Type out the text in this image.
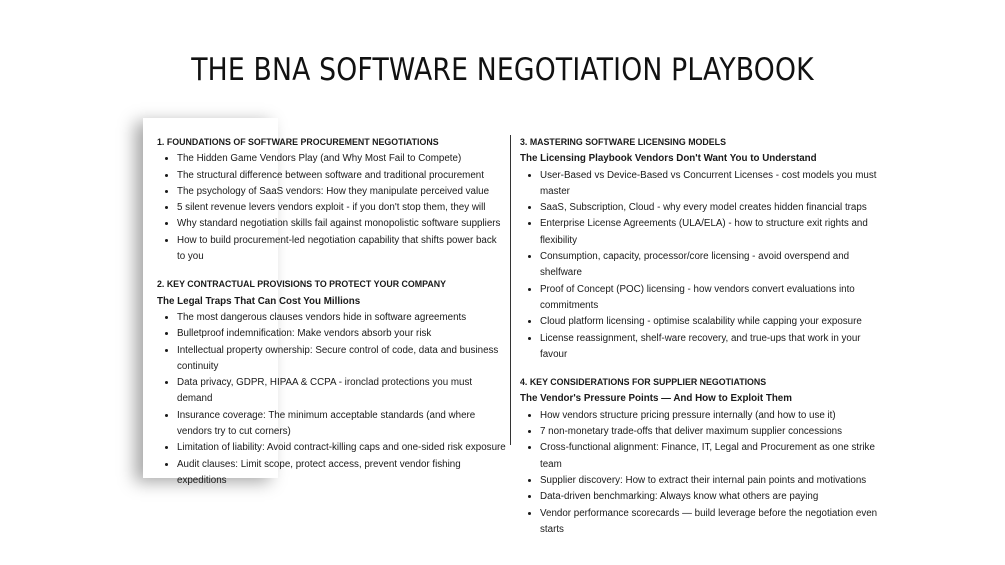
THE BNA SOFTWARE NEGOTIATION PLAYBOOK
1. FOUNDATIONS OF SOFTWARE PROCUREMENT NEGOTIATIONS
• The Hidden Game Vendors Play (and Why Most Fail to Compete)
• The structural difference between software and traditional procurement
• The psychology of SaaS vendors: How they manipulate perceived value
• 5 silent revenue levers vendors exploit - if you don't stop them, they will
• Why standard negotiation skills fail against monopolistic software suppliers
• How to build procurement-led negotiation capability that shifts power back to you
2. KEY CONTRACTUAL PROVISIONS TO PROTECT YOUR COMPANY
The Legal Traps That Can Cost You Millions
• The most dangerous clauses vendors hide in software agreements
• Bulletproof indemnification: Make vendors absorb your risk
• Intellectual property ownership: Secure control of code, data and business continuity
• Data privacy, GDPR, HIPAA & CCPA - ironclad protections you must demand
• Insurance coverage: The minimum acceptable standards (and where vendors try to cut corners)
• Limitation of liability: Avoid contract-killing caps and one-sided risk exposure
• Audit clauses: Limit scope, protect access, prevent vendor fishing expeditions
3. MASTERING SOFTWARE LICENSING MODELS
The Licensing Playbook Vendors Don't Want You to Understand
• User-Based vs Device-Based vs Concurrent Licenses - cost models you must master
• SaaS, Subscription, Cloud - why every model creates hidden financial traps
• Enterprise License Agreements (ULA/ELA) - how to structure exit rights and flexibility
• Consumption, capacity, processor/core licensing - avoid overspend and shelfware
• Proof of Concept (POC) licensing - how vendors convert evaluations into commitments
• Cloud platform licensing - optimise scalability while capping your exposure
• License reassignment, shelf-ware recovery, and true-ups that work in your favour
4. KEY CONSIDERATIONS FOR SUPPLIER NEGOTIATIONS
The Vendor's Pressure Points — And How to Exploit Them
• How vendors structure pricing pressure internally (and how to use it)
• 7 non-monetary trade-offs that deliver maximum supplier concessions
• Cross-functional alignment: Finance, IT, Legal and Procurement as one strike team
• Supplier discovery: How to extract their internal pain points and motivations
• Data-driven benchmarking: Always know what others are paying
• Vendor performance scorecards — build leverage before the negotiation even starts
